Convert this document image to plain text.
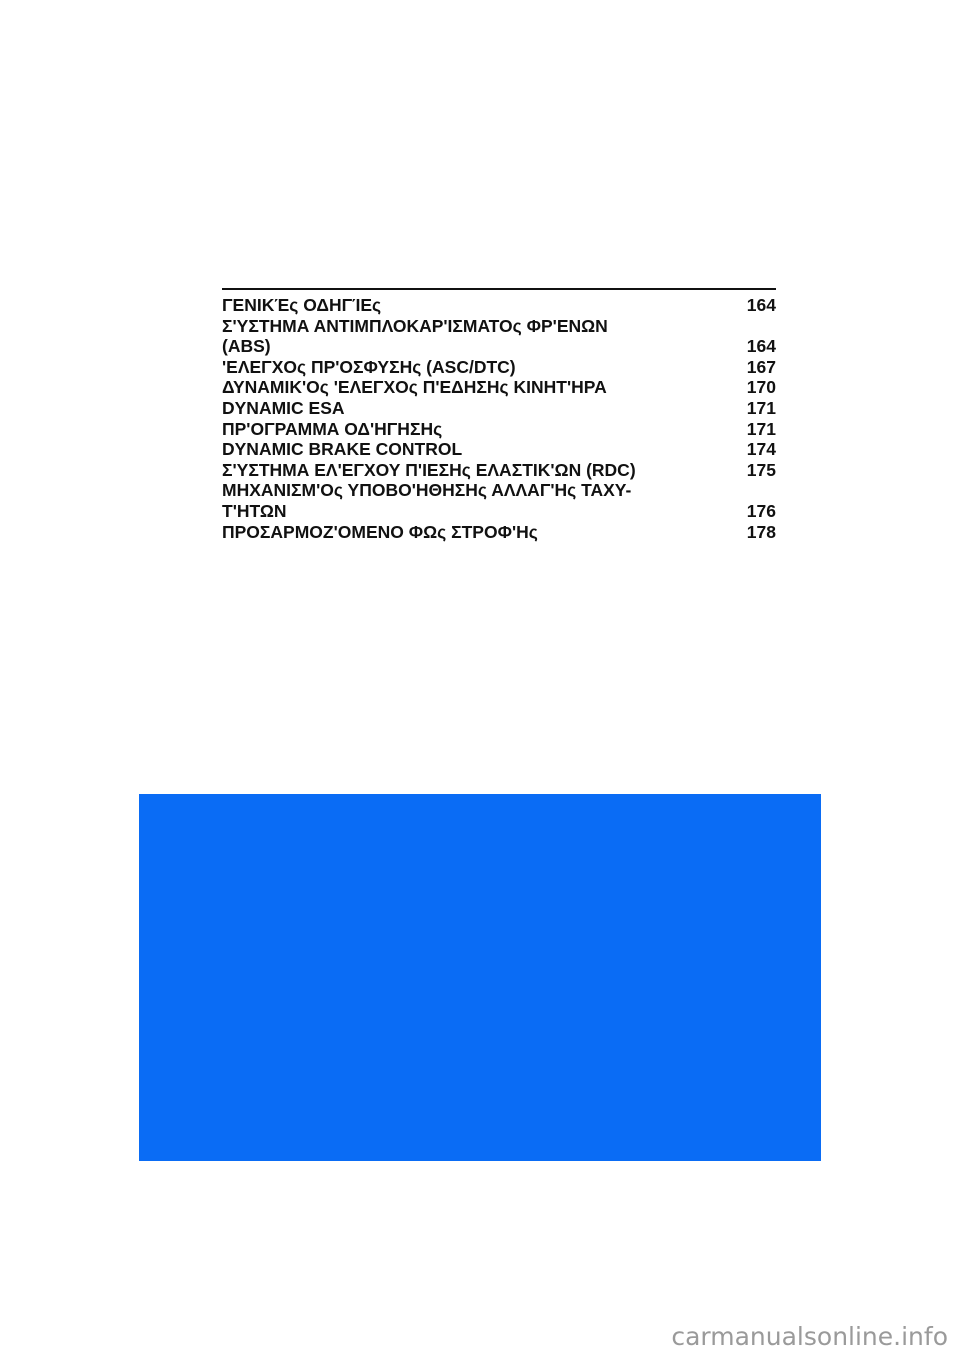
ΓΕΝΙΚΈς ΟΔΗΓΊΕς	164
Σ'ΥΣΤΗΜΑ ΑΝΤΙΜΠΛΟΚΑΡ'ΙΣΜΑΤΟς ΦΡ'ΕΝΩΝ
(ABS)	164
'ΕΛΕΓΧΟς ΠΡ'ΟΣΦΥΣΗς (ASC/DTC)	167
ΔΥΝΑΜΙΚ'Ος 'ΕΛΕΓΧΟς Π'ΕΔΗΣΗς ΚΙΝΗΤ'ΗΡΑ	170
DYNAMIC ESA	171
ΠΡ'ΟΓΡΑΜΜΑ ΟΔ'ΗΓΗΣΗς	171
DYNAMIC BRAKE CONTROL	174
Σ'ΥΣΤΗΜΑ ΕΛ'ΕΓΧΟΥ Π'ΙΕΣΗς ΕΛΑΣΤΙΚ'ΩΝ (RDC)	175
ΜΗΧΑΝΙΣΜ'Ος ΥΠΟΒΟ'ΗΘΗΣΗς ΑΛΛΑΓ'Ης ΤΑΧΥ-
Τ'ΗΤΩΝ	176
ΠΡΟΣΑΡΜΟΖ'ΟΜΕΝΟ ΦΩς ΣΤΡΟΦ'Ης	178
carmanualsonline.info
